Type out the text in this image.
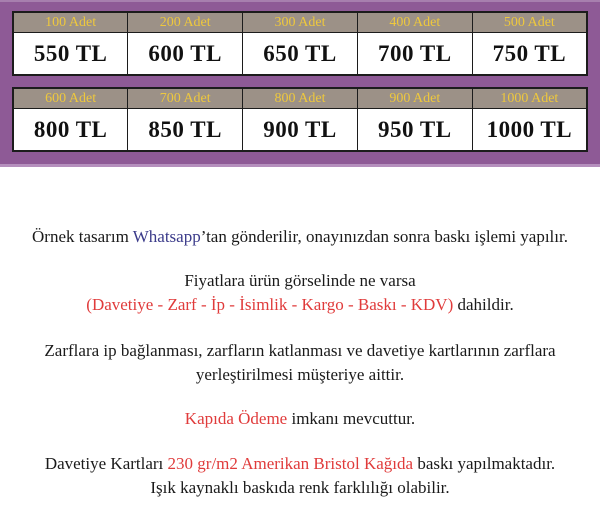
100 Adet	200 Adet	300 Adet	400 Adet	500 Adet
550 TL	600 TL	650 TL	700 TL	750 TL
600 Adet	700 Adet	800 Adet	900 Adet	1000 Adet
800 TL	850 TL	900 TL	950 TL	1000 TL

Örnek tasarım Whatsapp’tan gönderilir, onayınızdan sonra baskı işlemi yapılır.

Fiyatlara ürün görselinde ne varsa
(Davetiye - Zarf - İp - İsimlik - Kargo - Baskı - KDV) dahildir.

Zarflara ip bağlanması, zarfların katlanması ve davetiye kartlarının zarflara yerleştirilmesi müşteriye aittir.

Kapıda Ödeme imkanı mevcuttur.

Davetiye Kartları 230 gr/m2 Amerikan Bristol Kağıda baskı yapılmaktadır.
Işık kaynaklı baskıda renk farklılığı olabilir.
